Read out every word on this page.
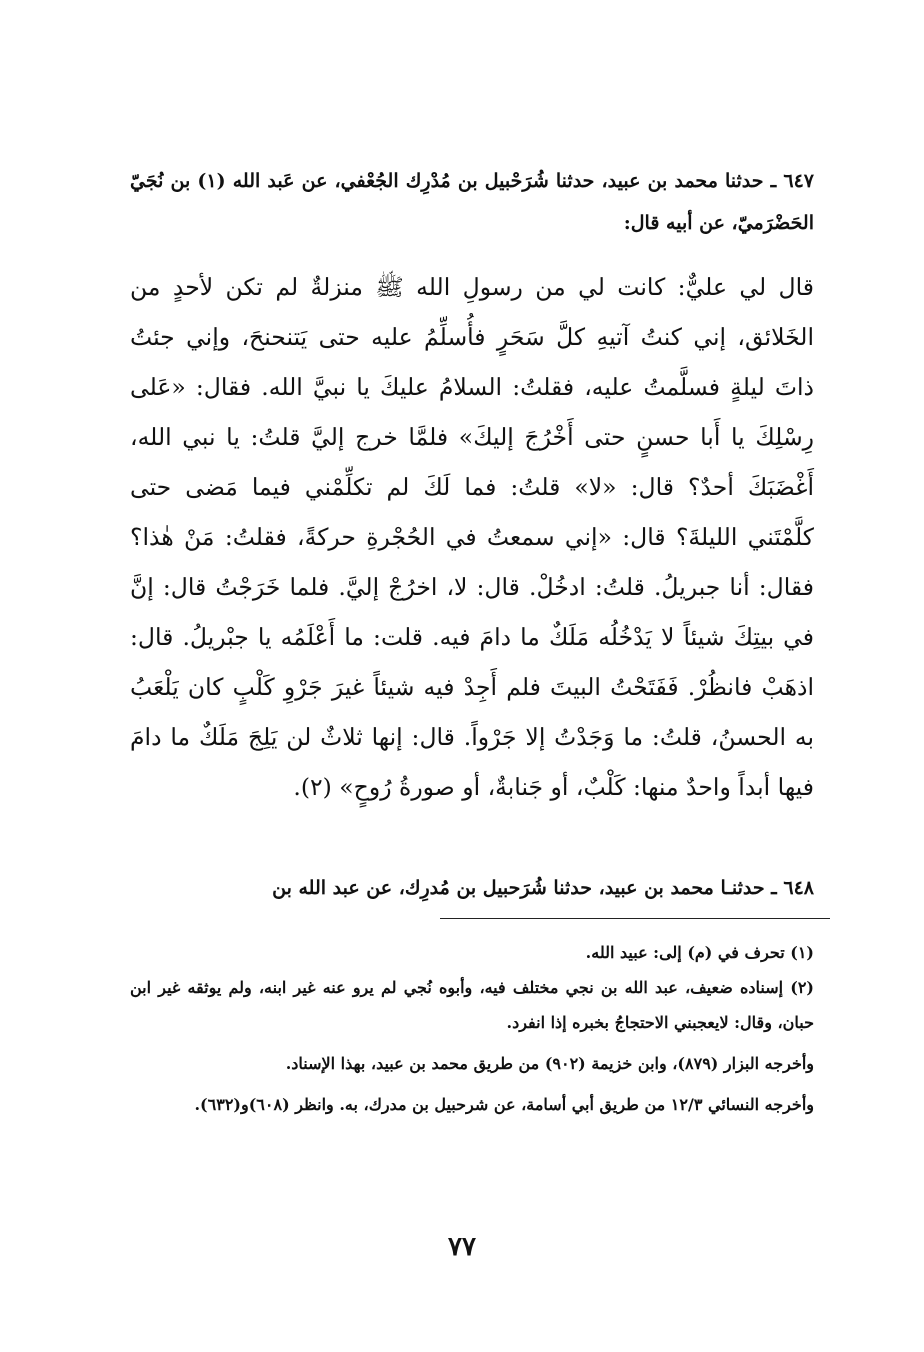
٦٤٧ ـ حدثنا محمد بن عبيد، حدثنا شُرَحْبيل بن مُدْرِك الجُعْفي، عن عَبد الله (١) بن نُجَيّ الحَضْرَميّ، عن أبيه قال:
قال لي عليٌّ: كانت لي من رسولِ الله ﷺ منزلةٌ لم تكن لأحدٍ من الخَلائق، إني كنتُ آتيهِ كلَّ سَحَرٍ فأُسلِّمُ عليه حتى يَتنحنحَ، وإني جئتُ ذاتَ ليلةٍ فسلَّمتُ عليه، فقلتُ: السلامُ عليكَ يا نبيَّ الله. فقال: «عَلى رِسْلِكَ يا أَبا حسنٍ حتى أَخْرُجَ إليكَ» فلمَّا خرج إليَّ قلتُ: يا نبي الله، أَغْضَبَكَ أحدٌ؟ قال: «لا» قلتُ: فما لَكَ لم تكلِّمْني فيما مَضى حتى كلَّمْتَني الليلةَ؟ قال: «إني سمعتُ في الحُجْرةِ حركةً، فقلتُ: مَنْ هٰذا؟ فقال: أنا جبريلُ. قلتُ: ادخُلْ. قال: لا، اخرُجْ إليَّ. فلما خَرَجْتُ قال: إنَّ في بيتِكَ شيئاً لا يَدْخُلُه مَلَكٌ ما دامَ فيه. قلت: ما أَعْلَمُه يا جبْريلُ. قال: اذهَبْ فانظُرْ. فَفَتَحْتُ البيتَ فلم أَجِدْ فيه شيئاً غيرَ جَرْوِ كَلْبٍ كان يَلْعَبُ به الحسنُ، قلتُ: ما وَجَدْتُ إلا جَرْواً. قال: إنها ثلاثٌ لن يَلِجَ مَلَكٌ ما دامَ فيها أبداً واحدٌ منها: كَلْبٌ، أو جَنابةٌ، أو صورةُ رُوحٍ» (٢).
٦٤٨ ـ حدثنـا محمد بن عبيد، حدثنا شُرَحبيل بن مُدرِك، عن عبد الله بن

(١) تحرف في (م) إلى: عبيد الله.

(٢) إسناده ضعيف، عبد الله بن نجي مختلف فيه، وأبوه نُجي لم يرو عنه غير ابنه، ولم يوثقه غير ابن حبان، وقال: لايعجبني الاحتجاجُ بخبره إذا انفرد.

وأخرجه البزار (٨٧٩)، وابن خزيمة (٩٠٢) من طريق محمد بن عبيد، بهذا الإسناد.

وأخرجه النسائي ١٢/٣ من طريق أبي أسامة، عن شرحبيل بن مدرك، به. وانظر (٦٠٨)و(٦٣٢).

٧٧
